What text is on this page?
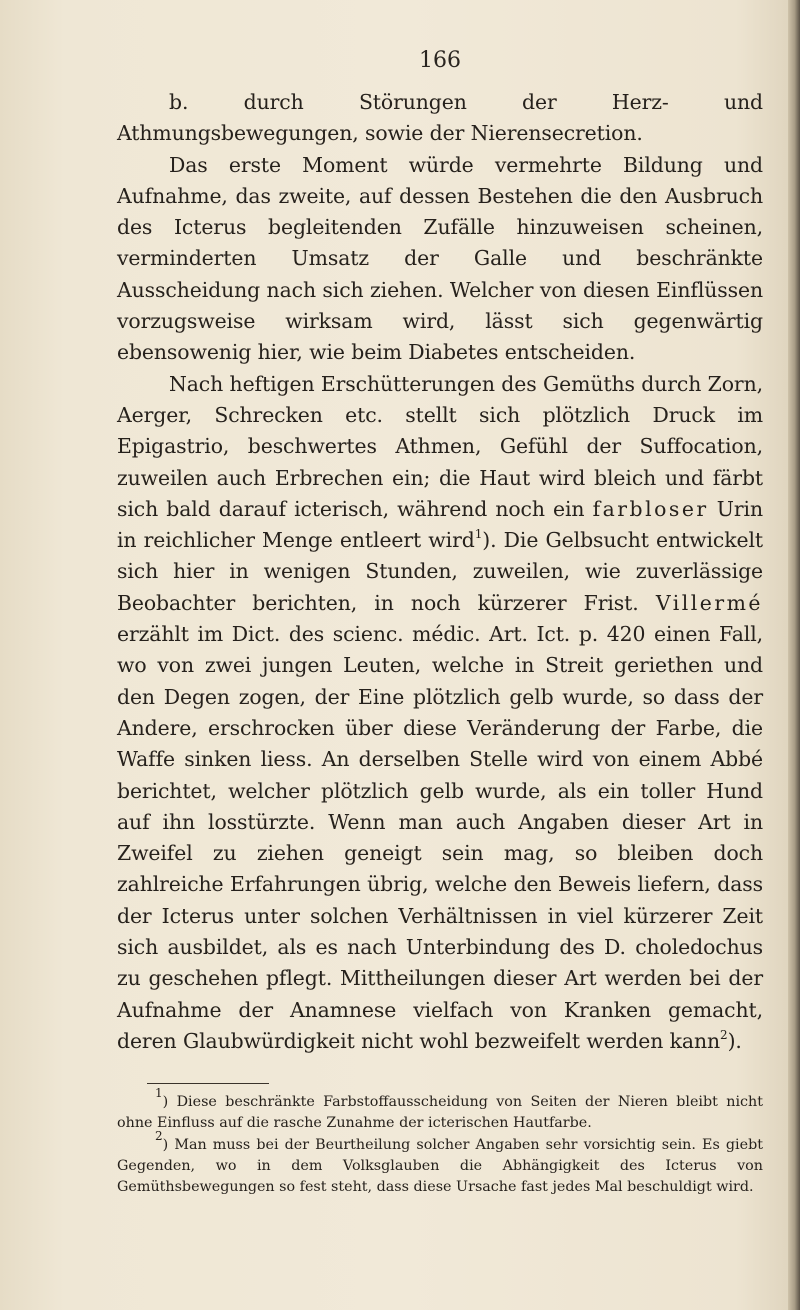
166

b. durch Störungen der Herz- und Athmungsbewegungen, sowie der Nierensecretion.

Das erste Moment würde vermehrte Bildung und Aufnahme, das zweite, auf dessen Bestehen die den Ausbruch des Icterus begleitenden Zufälle hinzuweisen scheinen, verminderten Umsatz der Galle und beschränkte Ausscheidung nach sich ziehen. Welcher von diesen Einflüssen vorzugsweise wirksam wird, lässt sich gegenwärtig ebensowenig hier, wie beim Diabetes entscheiden.

Nach heftigen Erschütterungen des Gemüths durch Zorn, Aerger, Schrecken etc. stellt sich plötzlich Druck im Epigastrio, beschwertes Athmen, Gefühl der Suffocation, zuweilen auch Erbrechen ein; die Haut wird bleich und färbt sich bald darauf icterisch, während noch ein farbloser Urin in reichlicher Menge entleert wird$^1$). Die Gelbsucht entwickelt sich hier in wenigen Stunden, zuweilen, wie zuverlässige Beobachter berichten, in noch kürzerer Frist. Villermé erzählt im Dict. des scienc. médic. Art. Ict. p. 420 einen Fall, wo von zwei jungen Leuten, welche in Streit geriethen und den Degen zogen, der Eine plötzlich gelb wurde, so dass der Andere, erschrocken über diese Veränderung der Farbe, die Waffe sinken liess. An derselben Stelle wird von einem Abbé berichtet, welcher plötzlich gelb wurde, als ein toller Hund auf ihn losstürzte. Wenn man auch Angaben dieser Art in Zweifel zu ziehen geneigt sein mag, so bleiben doch zahlreiche Erfahrungen übrig, welche den Beweis liefern, dass der Icterus unter solchen Verhältnissen in viel kürzerer Zeit sich ausbildet, als es nach Unterbindung des D. choledochus zu geschehen pflegt. Mittheilungen dieser Art werden bei der Aufnahme der Anamnese vielfach von Kranken gemacht, deren Glaubwürdigkeit nicht wohl bezweifelt werden kann$^2$).

$^1$) Diese beschränkte Farbstoffausscheidung von Seiten der Nieren bleibt nicht ohne Einfluss auf die rasche Zunahme der icterischen Hautfarbe.

$^2$) Man muss bei der Beurtheilung solcher Angaben sehr vorsichtig sein. Es giebt Gegenden, wo in dem Volksglauben die Abhängigkeit des Icterus von Gemüthsbewegungen so fest steht, dass diese Ursache fast jedes Mal beschuldigt wird.
